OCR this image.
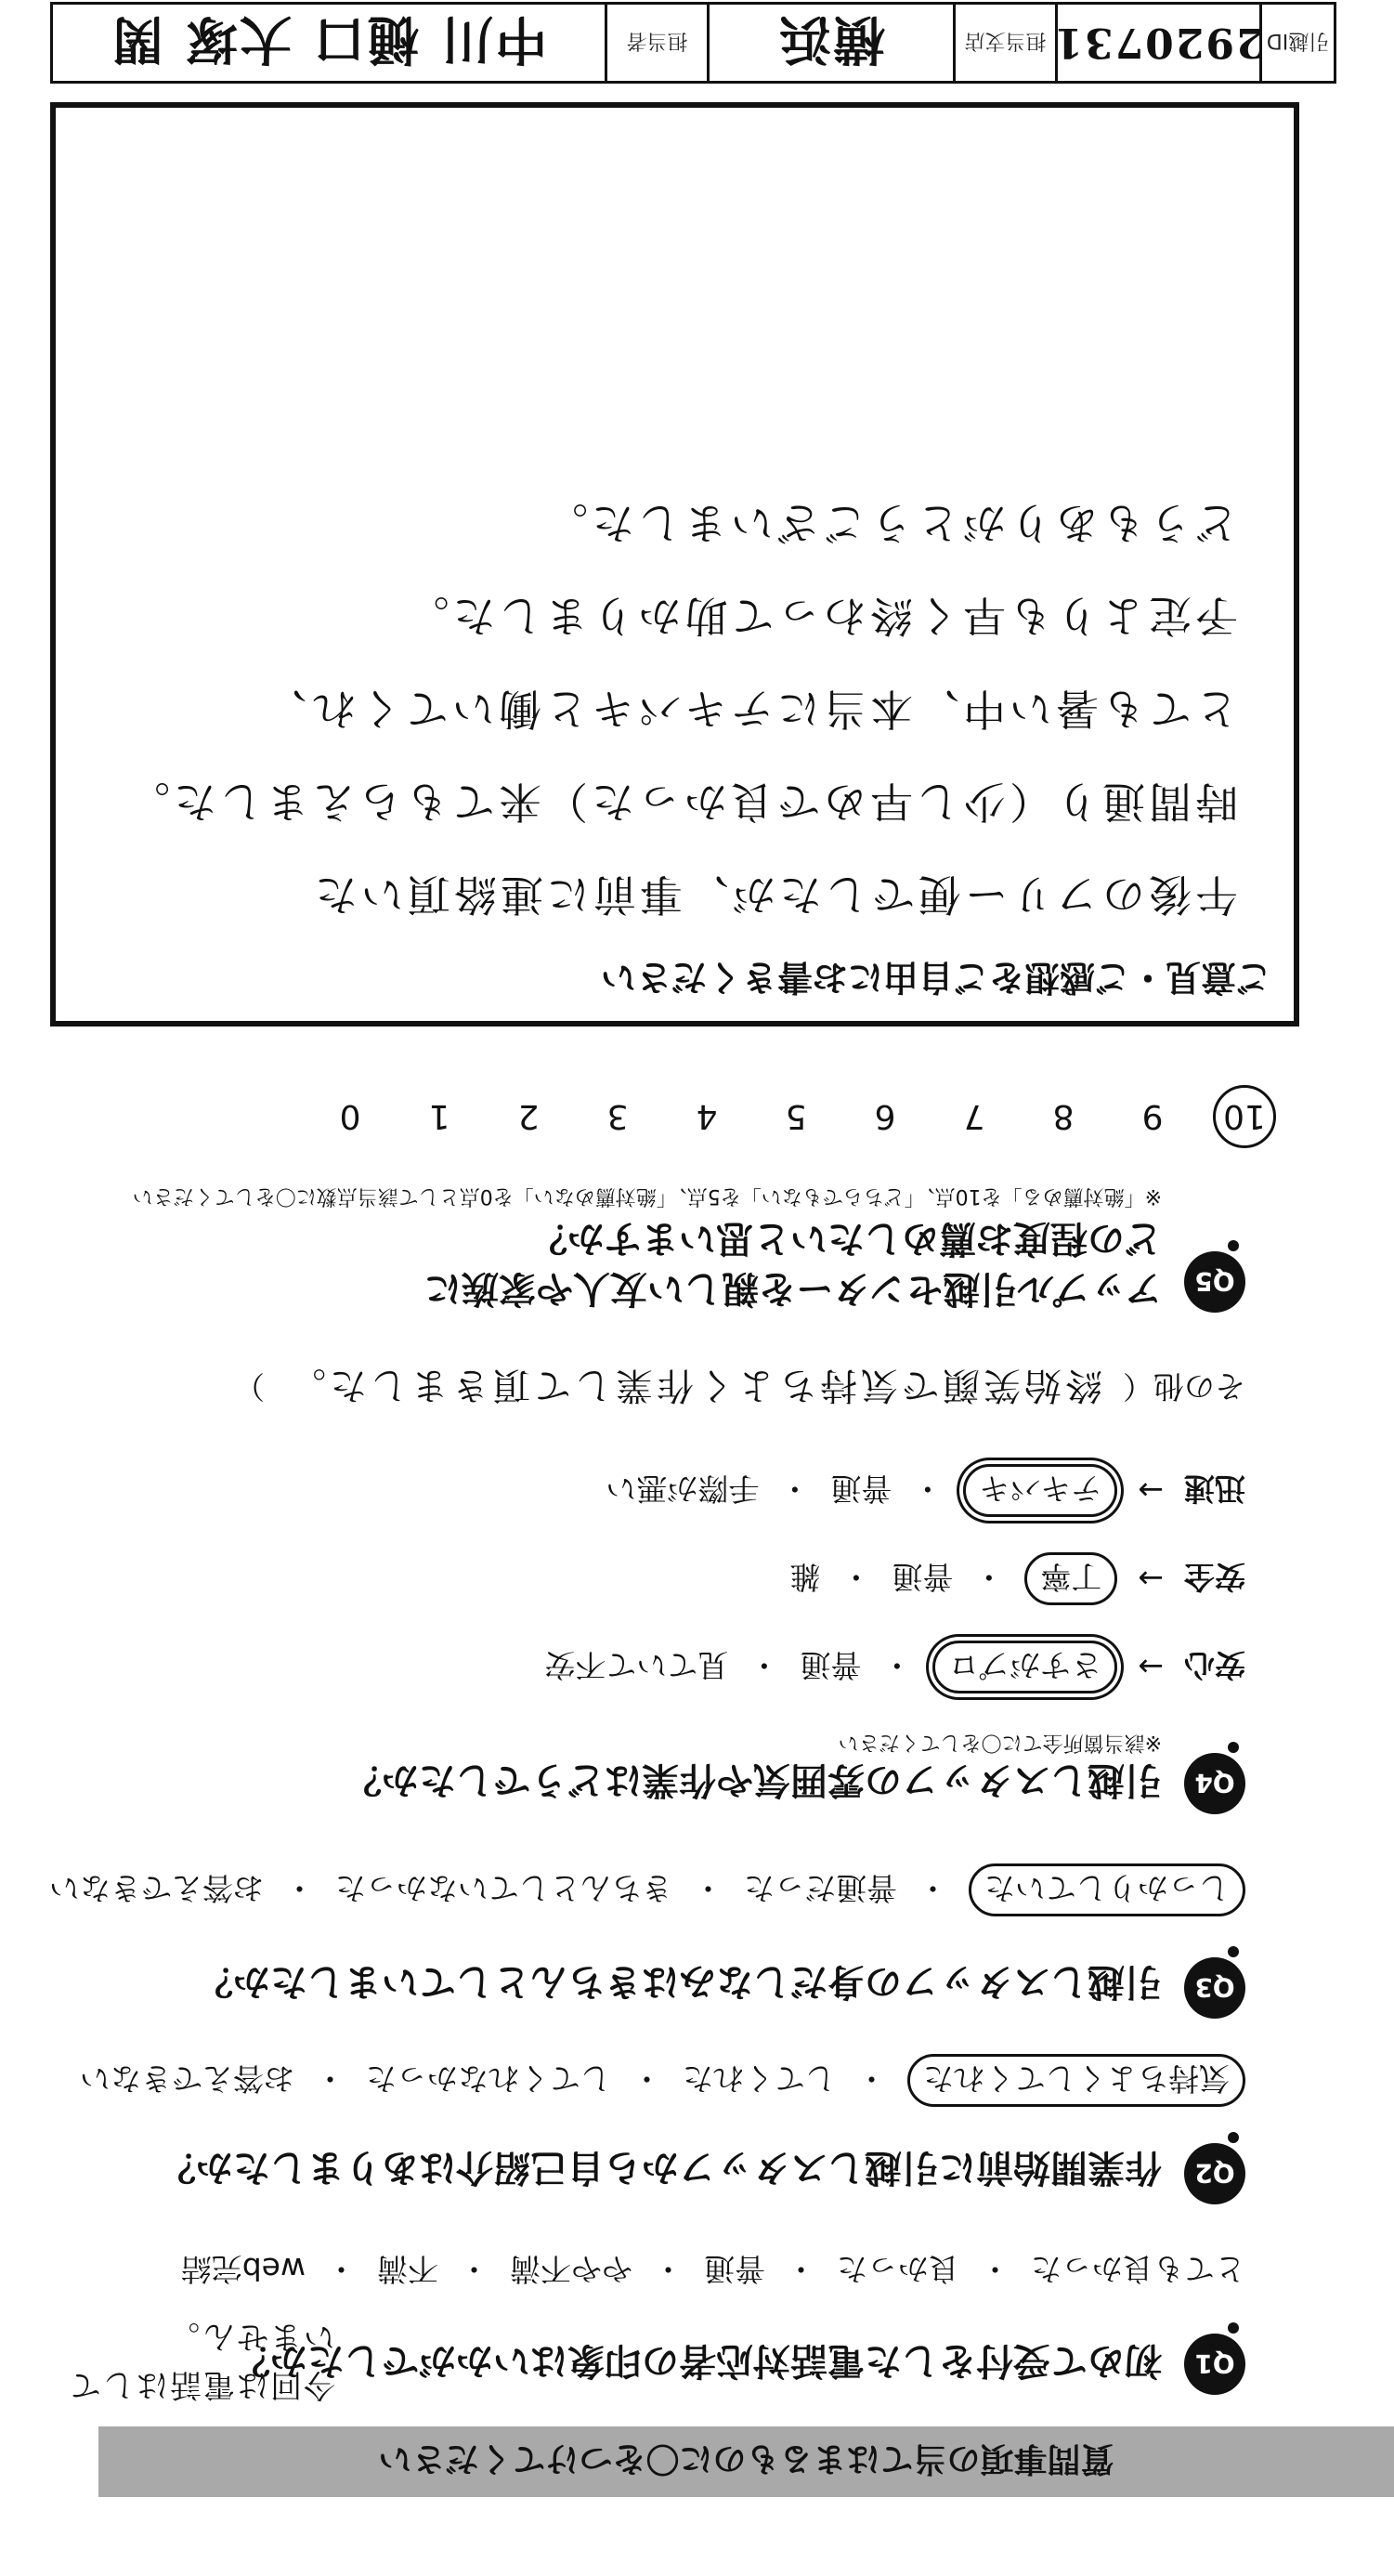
引越ID
2920731
担当支店
横浜
担当者
中川 樋口 大塚 関
ご意見・ご感想をご自由にお書きください
午後のフリー便でしたが、事前に連絡頂いた
時間通り（少し早めで良かった）来てもらえました。
とても暑い中、本当にテキパキと働いてくれ、
予定よりも早く終わって助かりました。
どうもありがとうございました。
10
9
8
7
6
5
4
3
2
1
0
Q5
アップル引越センターを親しい友人や家族に
どの程度お薦めしたいと思いますか？
※「絶対薦める」を10点、「どちらでもない」を5点、「絶対薦めない」を0点として該当点数に〇をしてください
その他（
終始笑顔で気持ちよく作業して頂きました。
）
迅速
→
テキパキ
・
普通
・
手際が悪い
安全
→
丁寧
・
普通
・
雑
安心
→
さすがプロ
・
普通
・
見ていて不安
Q4
引越しスタッフの雰囲気や作業はどうでしたか？
※該当箇所全てに〇をしてください
しっかりしていた
・
普通だった
・
きちんとしていなかった
・
お答えできない
Q3
引越しスタッフの身だしなみはきちんとしていましたか？
気持ちよくしてくれた
・
してくれた
・
してくれなかった
・
お答えできない
Q2
作業開始前に引越しスタッフから自己紹介はありましたか？
とても良かった
・
良かった
・
普通
・
やや不満
・
不満
・
web完結
Q1
初めて受付をした電話対応者の印象はいかがでしたか？
今回は電話はしていません。
質問事項の当てはまるものに〇をつけてください
